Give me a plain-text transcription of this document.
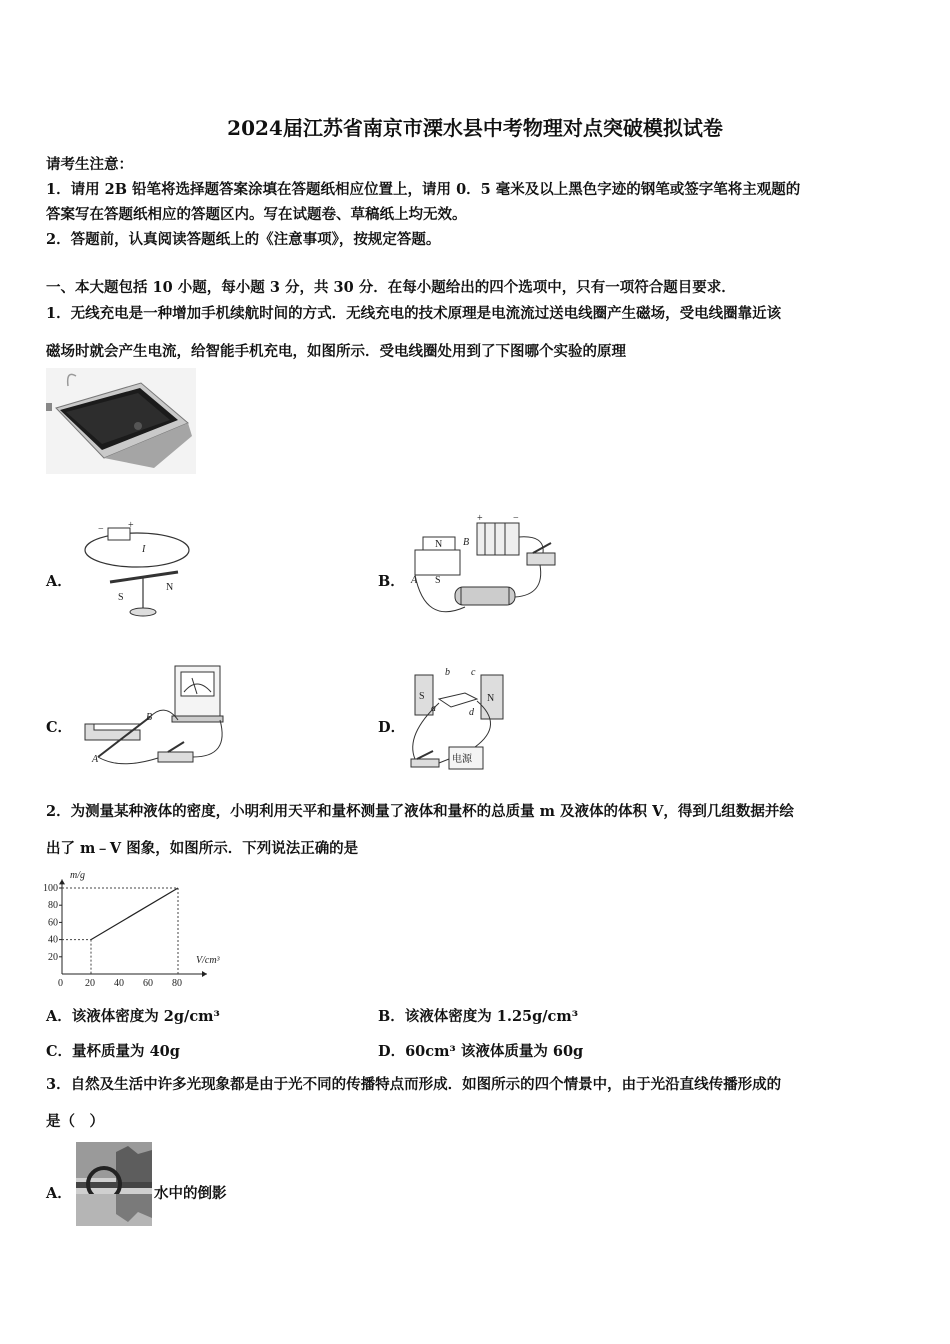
2024届江苏省南京市溧水县中考物理对点突破模拟试卷
请考生注意：
1．请用 2B 铅笔将选择题答案涂填在答题纸相应位置上，请用 0．5 毫米及以上黑色字迹的钢笔或签字笔将主观题的
答案写在答题纸相应的答题区内。写在试题卷、草稿纸上均无效。
2．答题前，认真阅读答题纸上的《注意事项》，按规定答题。
一、本大题包括 10 小题，每小题 3 分，共 30 分．在每小题给出的四个选项中，只有一项符合题目要求．
1．无线充电是一种增加手机续航时间的方式．无线充电的技术原理是电流流过送电线圈产生磁场，受电线圈靠近该
磁场时就会产生电流，给智能手机充电，如图所示．受电线圈处用到了下图哪个实验的原理
A．	B．
C．	D．
− +
I
S
N
+	−
N
A S
B
B
A
S	N
b c
a	d
电源
2．为测量某种液体的密度，小明利用天平和量杯测量了液体和量杯的总质量 m 及液体的体积 V，得到几组数据并绘
出了 m﹣V 图象，如图所示．下列说法正确的是
m/g
V/cm³
0 20 40 60 80
20
40
60
80
100
A．该液体密度为 2g/cm³	B．该液体密度为 1.25g/cm³
C．量杯质量为 40g	D．60cm³ 该液体质量为 60g
3．自然及生活中许多光现象都是由于光不同的传播特点而形成．如图所示的四个情景中，由于光沿直线传播形成的
是（　）
A．	水中的倒影
